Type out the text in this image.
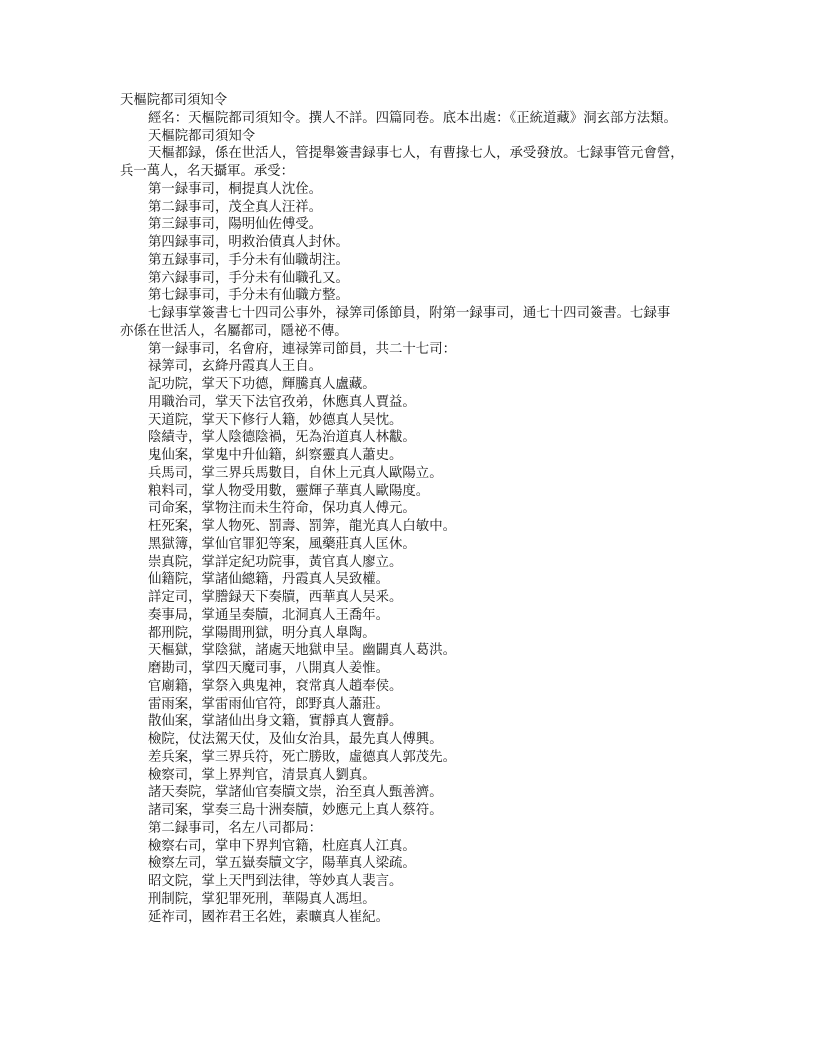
天樞院都司須知令
經名：天樞院都司須知令。撰人不詳。四篇同卷。底本出處：《正統道藏》洞玄部方法類。
天樞院都司須知令
天樞都録，係在世活人，管提舉簽書録事七人，有曹掾七人，承受發放。七録事管元會營，
兵一萬人，名天攝軍。承受：
第一録事司，桐提真人沈佺。
第二録事司，茂全真人汪祥。
第三録事司，陽明仙佐傅受。
第四録事司，明救治債真人封休。
第五録事司，手分未有仙職胡注。
第六録事司，手分未有仙職孔又。
第七録事司，手分未有仙職方整。
七録事掌簽書七十四司公事外，禄筭司係節員，附第一録事司，通七十四司簽書。七録事
亦係在世活人，名屬都司，隱祕不傳。
第一録事司，名會府，連禄筭司節員，共二十七司：
禄筭司，玄絳丹霞真人王自。
記功院，掌天下功德，輝騰真人盧藏。
用職治司，掌天下法官孜弟，休應真人賈益。
天道院，掌天下修行人籍，妙德真人吴忱。
陰績寺，掌人陰德陰禍，旡為治道真人林黻。
鬼仙案，掌鬼中升仙籍，糾察靈真人蕭史。
兵馬司，掌三界兵馬數目，自休上元真人歐陽立。
粮料司，掌人物受用數，靈輝子華真人歐陽度。
司命案，掌物注而未生符命，保功真人傅元。
枉死案，掌人物死、罰壽、罰筭，龍光真人白敏中。
黑獄簿，掌仙官罪犯等案，風藥莊真人匡休。
崇真院，掌詳定紀功院事，黃官真人廖立。
仙籍院，掌諸仙總籍，丹霞真人吴致權。
詳定司，掌謄録天下奏牘，西華真人吴釆。
奏事局，掌通呈奏牘，北洞真人王喬年。
都刑院，掌陽間刑獄，明分真人臯陶。
天樞獄，掌陰獄，諸處天地獄申呈。幽闢真人葛洪。
磨勘司，掌四天魔司事，八開真人姜惟。
官廟籍，掌祭入典鬼神，袞常真人趙奉侯。
雷雨案，掌雷雨仙官符，郎野真人蕭莊。
散仙案，掌諸仙出身文籍，實靜真人竇靜。
檢院，仗法駕天仗，及仙女治具，最先真人傅興。
差兵案，掌三界兵符，死亡勝敗，虛德真人郭茂先。
檢察司，掌上界判官，清景真人劉真。
諸天奏院，掌諸仙官奏牘文崇，治至真人甄善濟。
諸司案，掌奏三島十洲奏牘，妙應元上真人蔡符。
第二録事司，名左八司都局：
檢察右司，掌申下界判官籍，杜庭真人江真。
檢察左司，掌五嶽奏牘文字，陽華真人梁疏。
昭文院，掌上天門到法律，等妙真人裴言。
刑制院，掌犯罪死刑，華陽真人馮坦。
延祚司，國祚君王名姓，素曠真人崔紀。
